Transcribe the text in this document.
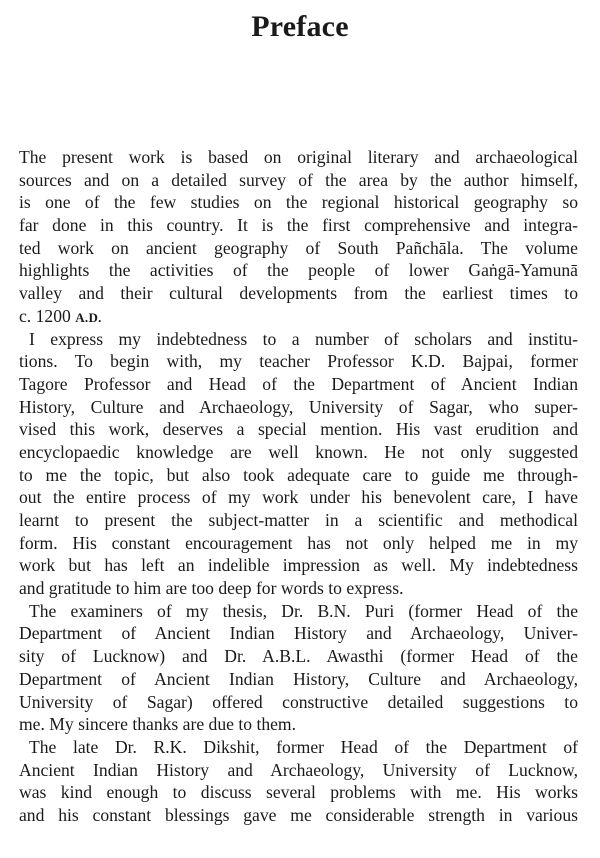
Preface
The present work is based on original literary and archaeological
sources and on a detailed survey of the area by the author himself,
is one of the few studies on the regional historical geography so
far done in this country. It is the first comprehensive and integra-
ted work on ancient geography of South Pañchāla. The volume
highlights the activities of the people of lower Gaṅgā-Yamunā
valley and their cultural developments from the earliest times to
c. 1200 A.D.
I express my indebtedness to a number of scholars and institu-
tions. To begin with, my teacher Professor K.D. Bajpai, former
Tagore Professor and Head of the Department of Ancient Indian
History, Culture and Archaeology, University of Sagar, who super-
vised this work, deserves a special mention. His vast erudition and
encyclopaedic knowledge are well known. He not only suggested
to me the topic, but also took adequate care to guide me through-
out the entire process of my work under his benevolent care, I have
learnt to present the subject-matter in a scientific and methodical
form. His constant encouragement has not only helped me in my
work but has left an indelible impression as well. My indebtedness
and gratitude to him are too deep for words to express.
The examiners of my thesis, Dr. B.N. Puri (former Head of the
Department of Ancient Indian History and Archaeology, Univer-
sity of Lucknow) and Dr. A.B.L. Awasthi (former Head of the
Department of Ancient Indian History, Culture and Archaeology,
University of Sagar) offered constructive detailed suggestions to
me. My sincere thanks are due to them.
The late Dr. R.K. Dikshit, former Head of the Department of
Ancient Indian History and Archaeology, University of Lucknow,
was kind enough to discuss several problems with me. His works
and his constant blessings gave me considerable strength in various
